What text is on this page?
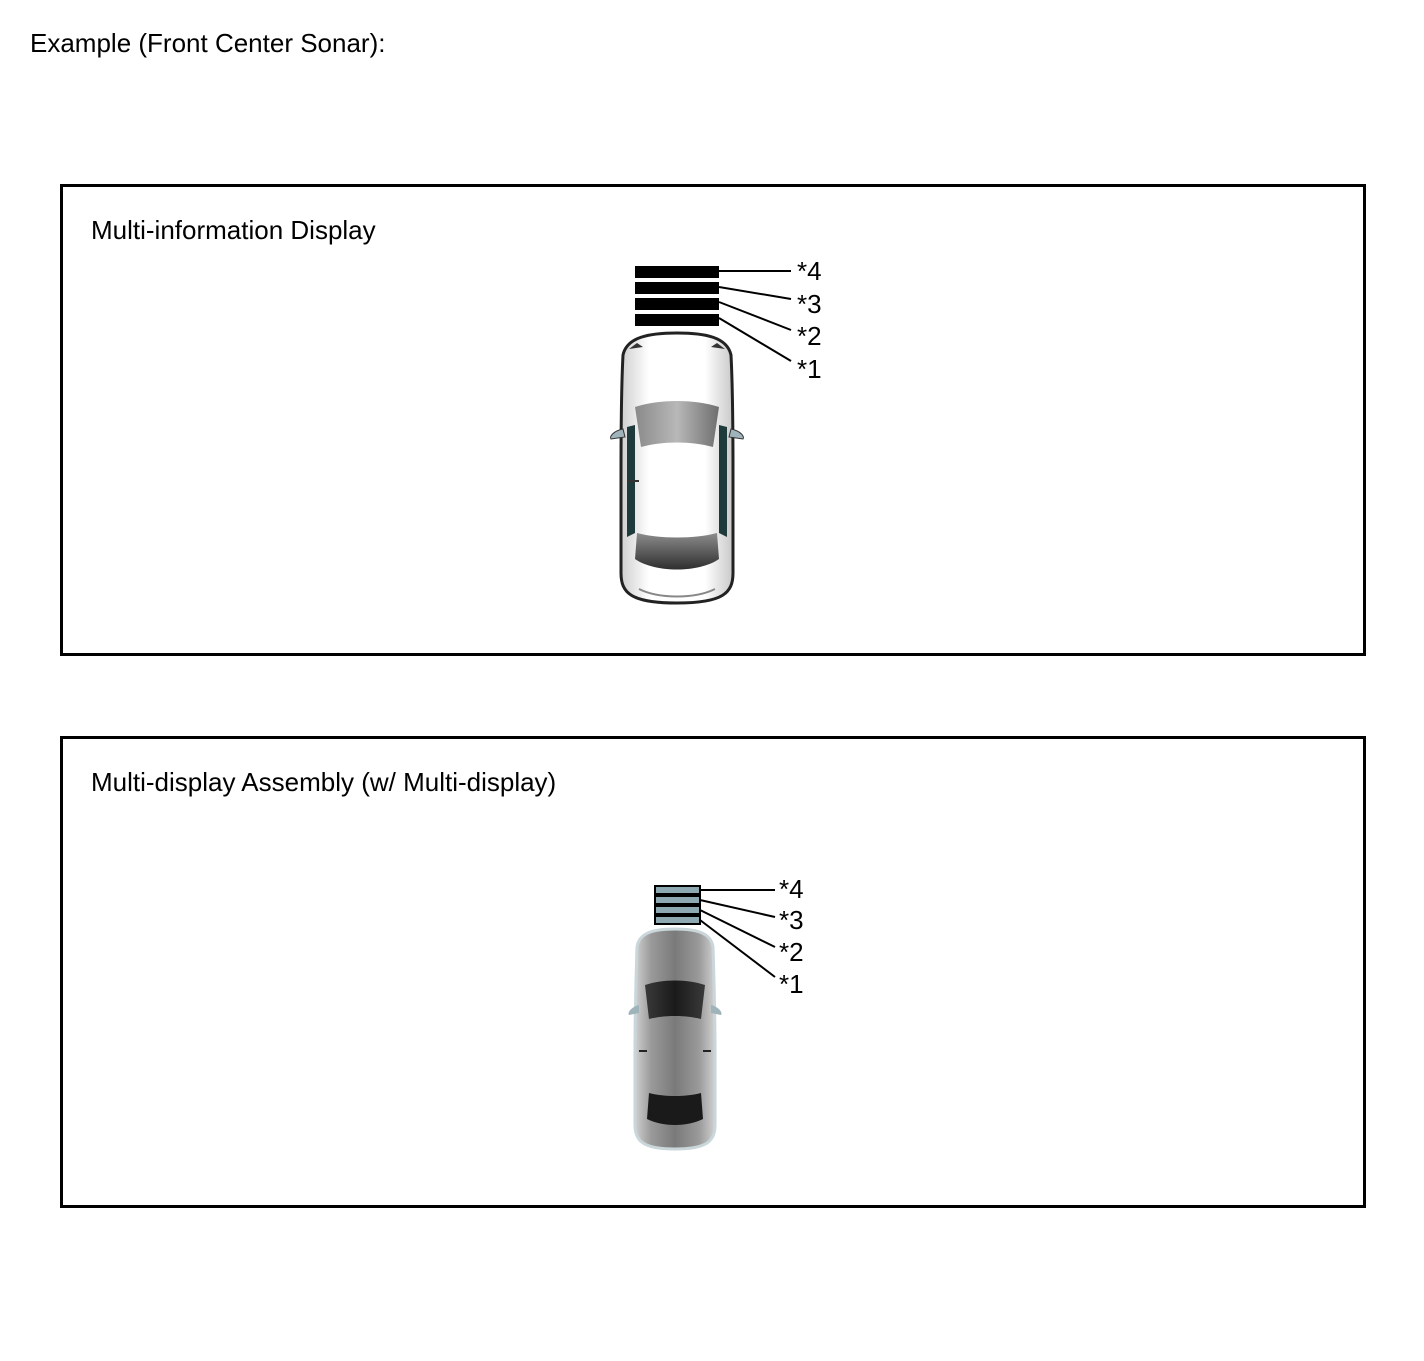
Example (Front Center Sonar):
Multi-information Display
*4
*3
*2
*1
Multi-display Assembly (w/ Multi-display)
*4
*3
*2
*1
